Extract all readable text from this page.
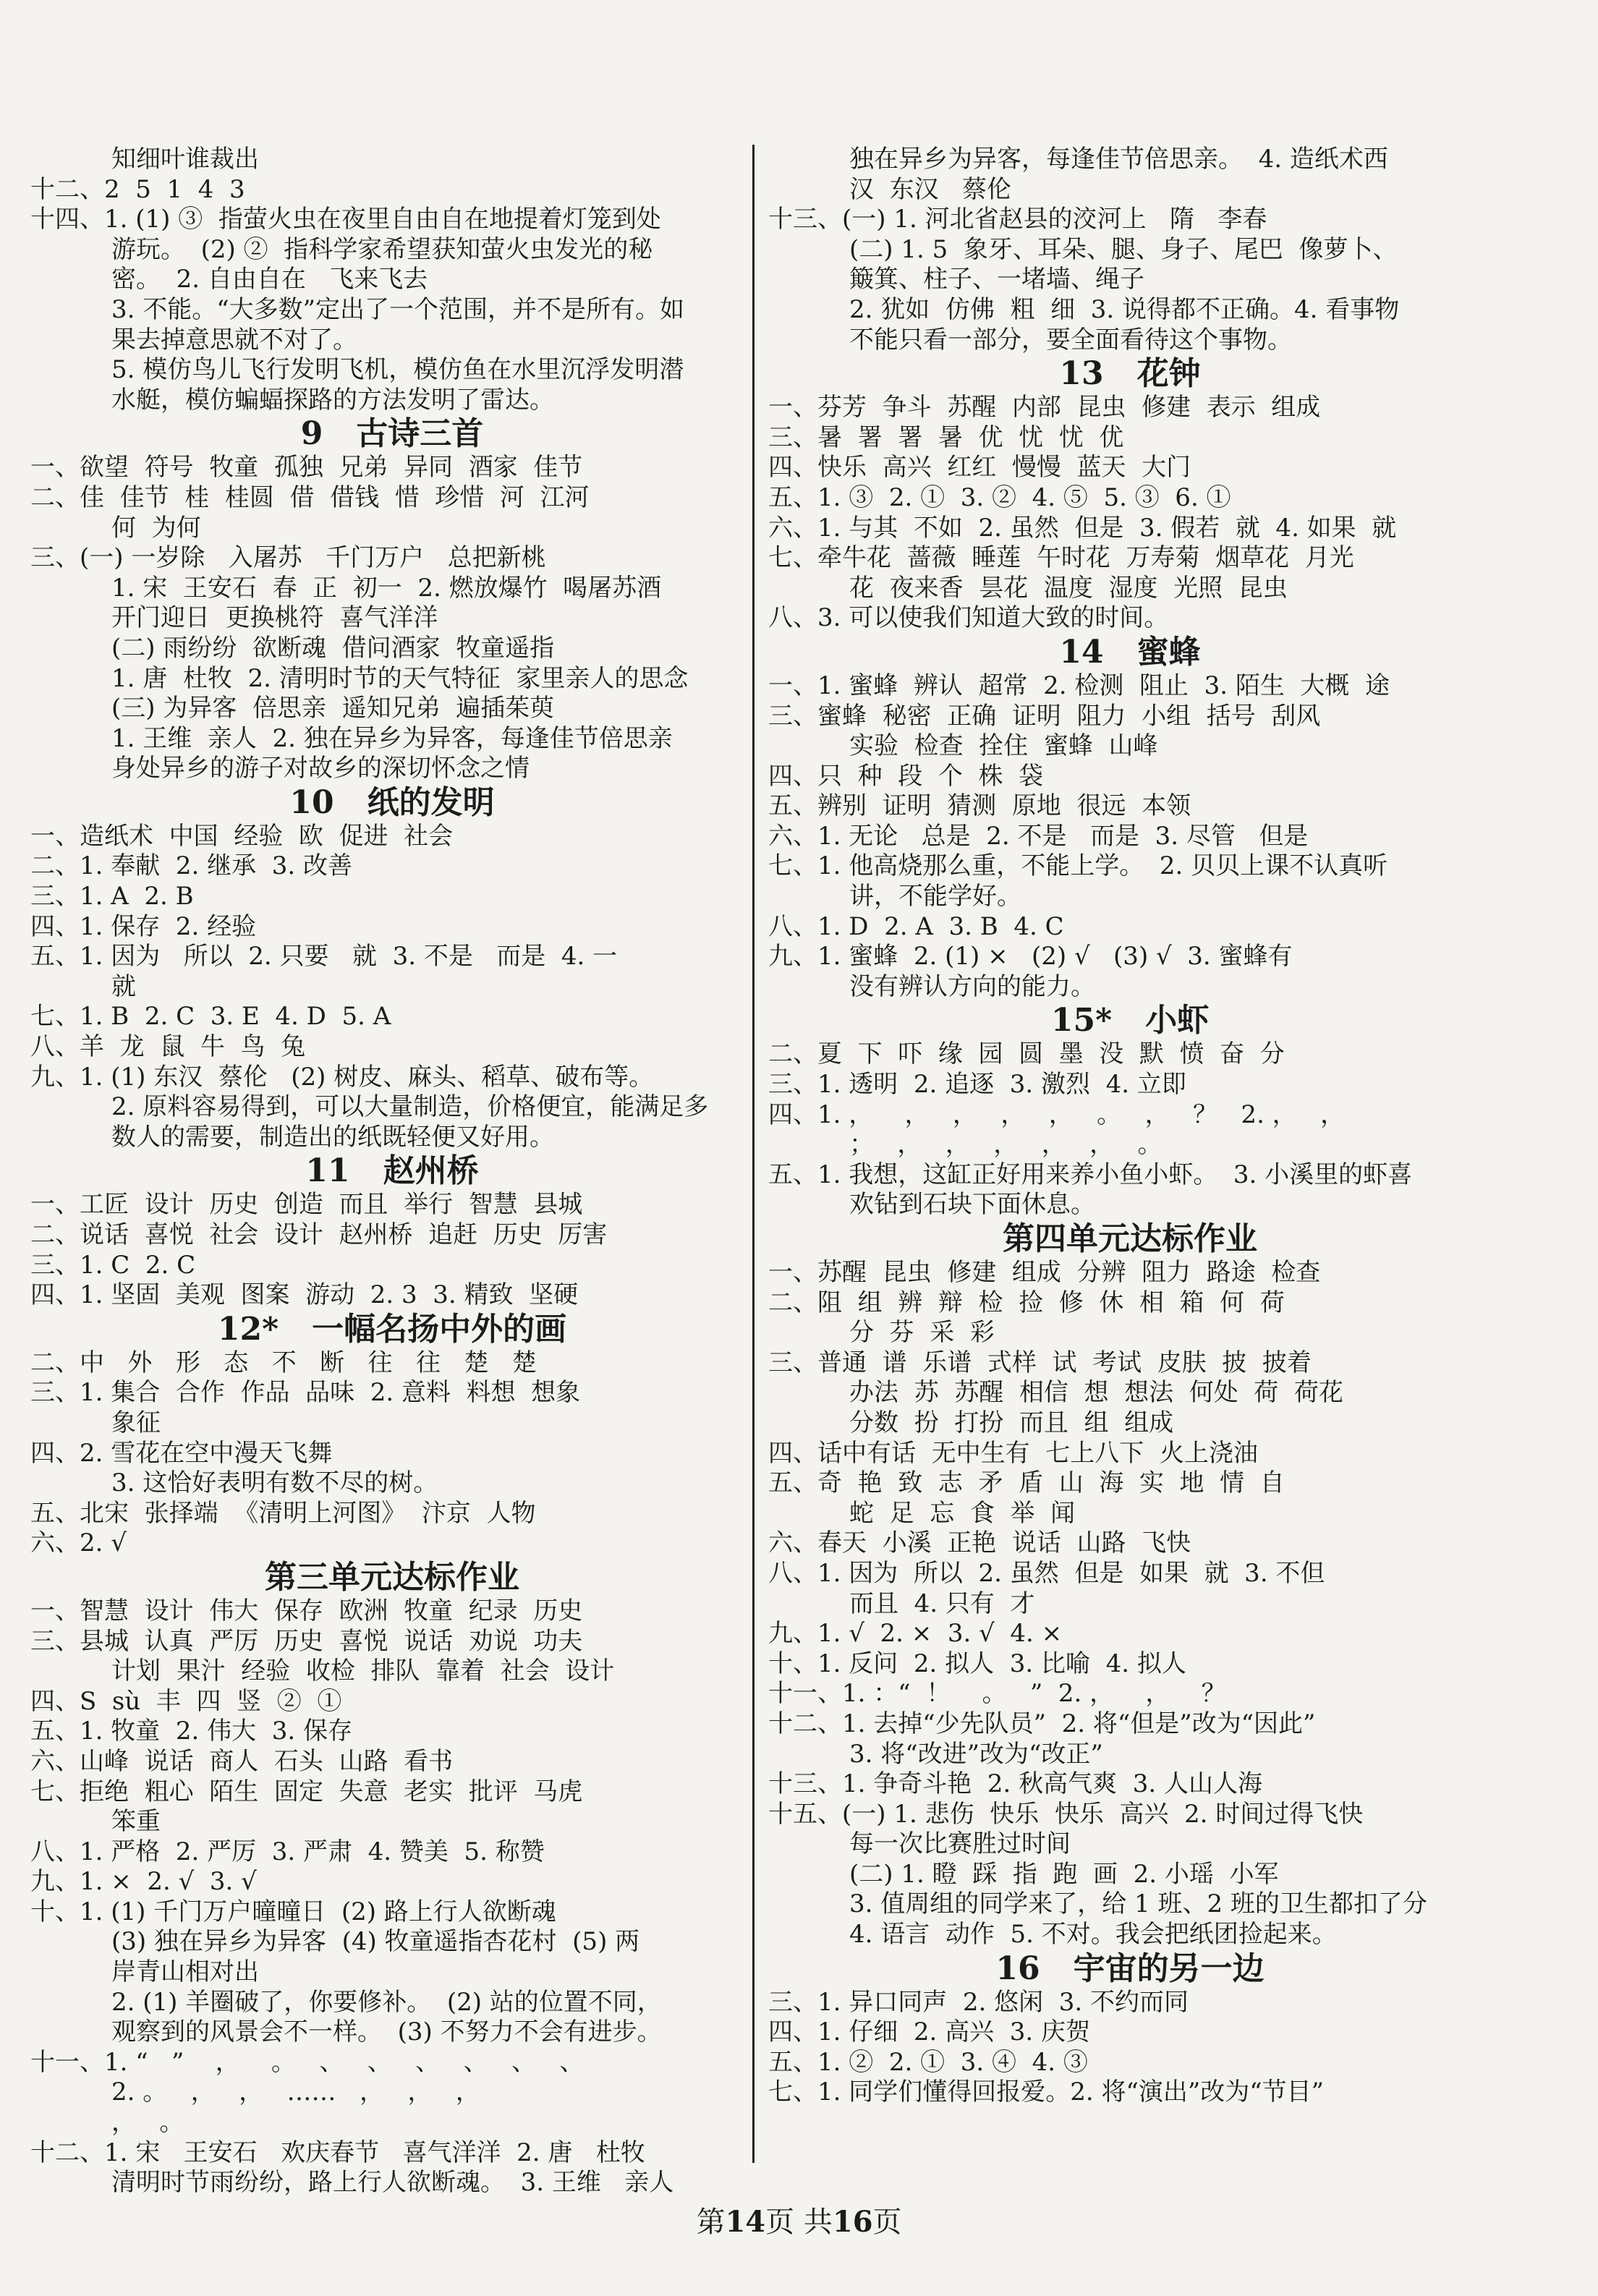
知细叶谁裁出
十二、2  5  1  4  3
十四、1. (1) ③  指萤火虫在夜里自由自在地提着灯笼到处
游玩。  (2) ②  指科学家希望获知萤火虫发光的秘
密。  2. 自由自在   飞来飞去
3. 不能。“大多数”定出了一个范围，并不是所有。如
果去掉意思就不对了。
5. 模仿鸟儿飞行发明飞机，模仿鱼在水里沉浮发明潜
水艇，模仿蝙蝠探路的方法发明了雷达。
9   古诗三首
一、欲望  符号  牧童  孤独  兄弟  异同  酒家  佳节
二、佳  佳节  桂  桂圆  借  借钱  惜  珍惜  河  江河
何  为何
三、(一) 一岁除   入屠苏   千门万户   总把新桃
1. 宋  王安石  春  正  初一  2. 燃放爆竹  喝屠苏酒
开门迎日  更换桃符  喜气洋洋
(二) 雨纷纷  欲断魂  借问酒家  牧童遥指
1. 唐  杜牧  2. 清明时节的天气特征  家里亲人的思念
(三) 为异客  倍思亲  遥知兄弟  遍插茱萸
1. 王维  亲人  2. 独在异乡为异客，每逢佳节倍思亲
身处异乡的游子对故乡的深切怀念之情
10   纸的发明
一、造纸术  中国  经验  欧  促进  社会
二、1. 奉献  2. 继承  3. 改善
三、1. A  2. B
四、1. 保存  2. 经验
五、1. 因为   所以  2. 只要   就  3. 不是   而是  4. 一
就
七、1. B  2. C  3. E  4. D  5. A
八、羊  龙  鼠  牛  鸟  兔
九、1. (1) 东汉  蔡伦   (2) 树皮、麻头、稻草、破布等。
2. 原料容易得到，可以大量制造，价格便宜，能满足多
数人的需要，制造出的纸既轻便又好用。
11   赵州桥
一、工匠  设计  历史  创造  而且  举行  智慧  县城
二、说话  喜悦  社会  设计  赵州桥  追赶  历史  厉害
三、1. C  2. C
四、1. 坚固  美观  图案  游动  2. 3  3. 精致  坚硬
12*   一幅名扬中外的画
二、中   外   形   态   不   断   往   往   楚   楚
三、1. 集合  合作  作品  品味  2. 意料  料想  想象
象征
四、2. 雪花在空中漫天飞舞
3. 这恰好表明有数不尽的树。
五、北宋  张择端  《清明上河图》  汴京  人物
六、2. √
第三单元达标作业
一、智慧  设计  伟大  保存  欧洲  牧童  纪录  历史
三、县城  认真  严厉  历史  喜悦  说话  劝说  功夫
计划  果汁  经验  收检  排队  靠着  社会  设计
四、S  sù  丰  四  竖  ②  ①
五、1. 牧童  2. 伟大  3. 保存
六、山峰  说话  商人  石头  山路  看书
七、拒绝  粗心  陌生  固定  失意  老实  批评  马虎
笨重
八、1. 严格  2. 严厉  3. 严肃  4. 赞美  5. 称赞
九、1. ×  2. √  3. √
十、1. (1) 千门万户曈曈日  (2) 路上行人欲断魂
(3) 独在异乡为异客  (4) 牧童遥指杏花村  (5) 两
岸青山相对出
2. (1) 羊圈破了，你要修补。  (2) 站的位置不同，
观察到的风景会不一样。  (3) 不努力不会有进步。
十一、1. “   ”    ，    。   、   、   、   、   、   、
2. 。   ，   ，   ……   ，   ，   ，
，   。
十二、1. 宋   王安石   欢庆春节   喜气洋洋  2. 唐   杜牧
清明时节雨纷纷，路上行人欲断魂。  3. 王维   亲人
独在异乡为异客，每逢佳节倍思亲。  4. 造纸术西
汉  东汉   蔡伦
十三、(一) 1. 河北省赵县的洨河上   隋   李春
(二) 1. 5  象牙、耳朵、腿、身子、尾巴  像萝卜、
簸箕、柱子、一堵墙、绳子
2. 犹如  仿佛  粗  细  3. 说得都不正确。4. 看事物
不能只看一部分，要全面看待这个事物。
13   花钟
一、芬芳  争斗  苏醒  内部  昆虫  修建  表示  组成
三、暑  署  署  暑  优  忧  忧  优
四、快乐  高兴  红红  慢慢  蓝天  大门
五、1. ③  2. ①  3. ②  4. ⑤  5. ③  6. ①
六、1. 与其  不如  2. 虽然  但是  3. 假若  就  4. 如果  就
七、牵牛花  蔷薇  睡莲  午时花  万寿菊  烟草花  月光
花  夜来香  昙花  温度  湿度  光照  昆虫
八、3. 可以使我们知道大致的时间。
14   蜜蜂
一、1. 蜜蜂  辨认  超常  2. 检测  阻止  3. 陌生  大概  途
三、蜜蜂  秘密  正确  证明  阻力  小组  括号  刮风
实验  检查  拴住  蜜蜂  山峰
四、只  种  段  个  株  袋
五、辨别  证明  猜测  原地  很远  本领
六、1. 无论   总是  2. 不是   而是  3. 尽管   但是
七、1. 他高烧那么重，不能上学。  2. 贝贝上课不认真听
讲，不能学好。
八、1. D  2. A  3. B  4. C
九、1. 蜜蜂  2. (1) ×   (2) √   (3) √  3. 蜜蜂有
没有辨认方向的能力。
15*   小虾
二、夏  下  吓  缘  园  圆  墨  没  默  愤  奋  分
三、1. 透明  2. 追逐  3. 激烈  4. 立即
四、1. ，    ，   ，   ，   ，   。   ，   ？   2. ，   ，
；   ，   ，   ，   ，   ，   。
五、1. 我想，这缸正好用来养小鱼小虾。  3. 小溪里的虾喜
欢钻到石块下面休息。
第四单元达标作业
一、苏醒  昆虫  修建  组成  分辨  阻力  路途  检查
二、阻  组  辨  辩  检  捡  修  休  相  箱  何  荷
分  芬  采  彩
三、普通  谱  乐谱  式样  试  考试  皮肤  披  披着
办法  苏  苏醒  相信  想  想法  何处  荷  荷花
分数  扮  打扮  而且  组  组成
四、话中有话  无中生有  七上八下  火上浇油
五、奇  艳  致  志  矛  盾  山  海  实  地  情  自
蛇  足  忘  食  举  闻
六、春天  小溪  正艳  说话  山路  飞快
八、1. 因为  所以  2. 虽然  但是  如果  就  3. 不但
而且  4. 只有  才
九、1. √  2. ×  3. √  4. ×
十、1. 反问  2. 拟人  3. 比喻  4. 拟人
十一、1. ：“  ！    。   ”  2. ，    ，    ？
十二、1. 去掉“少先队员”  2. 将“但是”改为“因此”
3. 将“改进”改为“改正”
十三、1. 争奇斗艳  2. 秋高气爽  3. 人山人海
十五、(一) 1. 悲伤  快乐  快乐  高兴  2. 时间过得飞快
每一次比赛胜过时间
(二) 1. 瞪  踩  指  跑  画  2. 小瑶  小军
3. 值周组的同学来了，给 1 班、2 班的卫生都扣了分
4. 语言  动作  5. 不对。我会把纸团捡起来。
16   宇宙的另一边
三、1. 异口同声  2. 悠闲  3. 不约而同
四、1. 仔细  2. 高兴  3. 庆贺
五、1. ②  2. ①  3. ④  4. ③
七、1. 同学们懂得回报爱。2. 将“演出”改为“节目”
第14页 共16页
